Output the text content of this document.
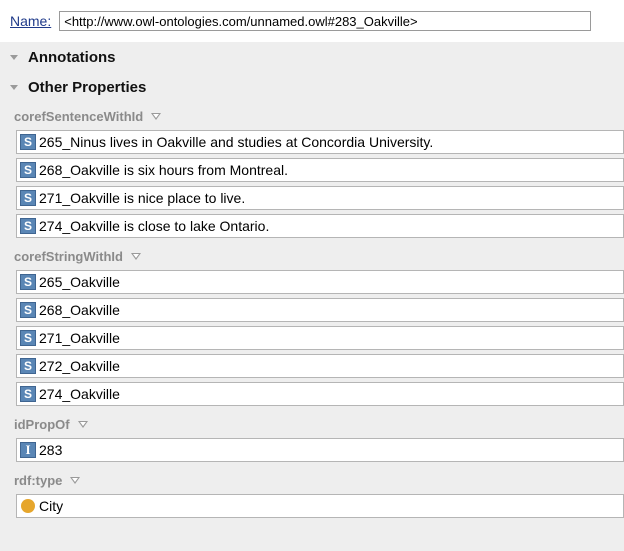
Name:	<http://www.owl-ontologies.com/unnamed.owl#283_Oakville>
Annotations
Other Properties
corefSentenceWithId
S 265_Ninus lives in Oakville and studies at Concordia University.
S 268_Oakville is six hours from Montreal.
S 271_Oakville is nice place to live.
S 274_Oakville is close to lake Ontario.
corefStringWithId
S 265_Oakville
S 268_Oakville
S 271_Oakville
S 272_Oakville
S 274_Oakville
idPropOf
I 283
rdf:type
City
